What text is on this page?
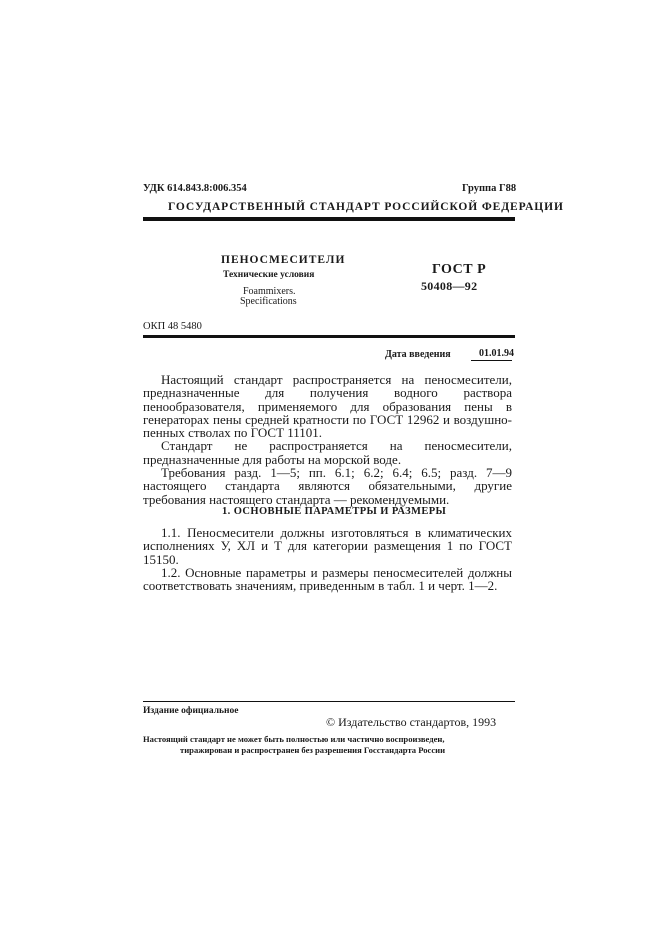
УДК 614.843.8:006.354	Группа Г88
ГОСУДАРСТВЕННЫЙ СТАНДАРТ РОССИЙСКОЙ ФЕДЕРАЦИИ
ПЕНОСМЕСИТЕЛИ
Технические условия
Foammixers.
Specifications
ГОСТ Р
50408—92
ОКП 48 5480
Дата введения	01.01.94

Настоящий стандарт распространяется на пеносмесители, предназначенные для получения водного раствора пенообразователя, применяемого для образования пены в генераторах пены средней кратности по ГОСТ 12962 и воздушно-пенных стволах по ГОСТ 11101.

Стандарт не распространяется на пеносмесители, предназначенные для работы на морской воде.

Требования разд. 1—5; пп. 6.1; 6.2; 6.4; 6.5; разд. 7—9 настоящего стандарта являются обязательными, другие требования настоящего стандарта — рекомендуемыми.

1. ОСНОВНЫЕ ПАРАМЕТРЫ И РАЗМЕРЫ

1.1. Пеносмесители должны изготовляться в климатических исполнениях У, ХЛ и Т для категории размещения 1 по ГОСТ 15150.

1.2. Основные параметры и размеры пеносмесителей должны соответствовать значениям, приведенным в табл. 1 и черт. 1—2.

Издание официальное
© Издательство стандартов, 1993
Настоящий стандарт не может быть полностью или частично воспроизведен,
тиражирован и распространен без разрешения Госстандарта России
